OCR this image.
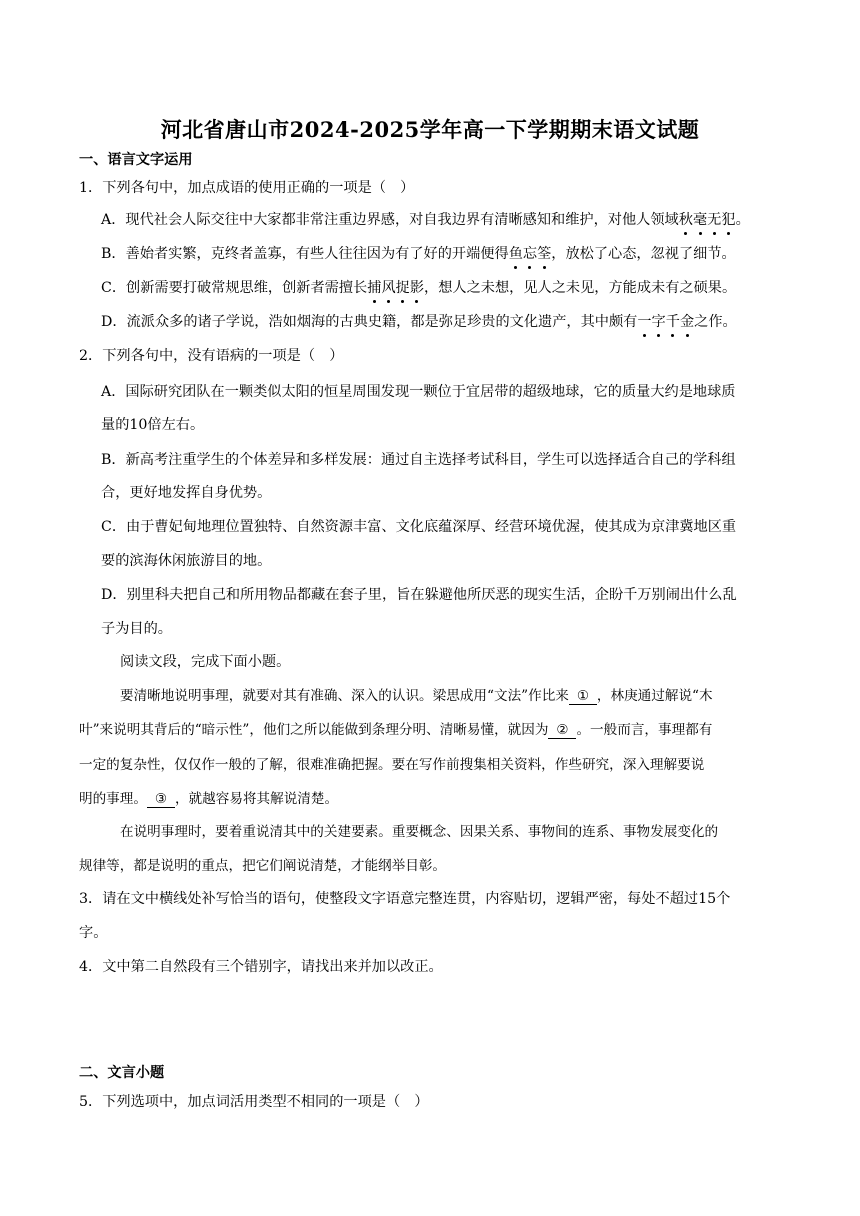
河北省唐山市2024-2025学年高一下学期期末语文试题
一、语言文字运用
1．下列各句中，加点成语的使用正确的一项是（　）
A．现代社会人际交往中大家都非常注重边界感，对自我边界有清晰感知和维护，对他人领域秋毫无犯。
B．善始者实繁，克终者盖寡，有些人往往因为有了好的开端便得鱼忘筌，放松了心态，忽视了细节。
C．创新需要打破常规思维，创新者需擅长捕风捉影，想人之未想，见人之未见，方能成未有之硕果。
D．流派众多的诸子学说，浩如烟海的古典史籍，都是弥足珍贵的文化遗产，其中颇有一字千金之作。
2．下列各句中，没有语病的一项是（　）
A．国际研究团队在一颗类似太阳的恒星周围发现一颗位于宜居带的超级地球，它的质量大约是地球质
量的10倍左右。
B．新高考注重学生的个体差异和多样发展：通过自主选择考试科目，学生可以选择适合自己的学科组
合，更好地发挥自身优势。
C．由于曹妃甸地理位置独特、自然资源丰富、文化底蕴深厚、经营环境优渥，使其成为京津冀地区重
要的滨海休闲旅游目的地。
D．别里科夫把自己和所用物品都藏在套子里，旨在躲避他所厌恶的现实生活，企盼千万别闹出什么乱
子为目的。
阅读文段，完成下面小题。
要清晰地说明事理，就要对其有准确、深入的认识。梁思成用“文法”作比来 ① ，林庚通过解说“木
叶”来说明其背后的“暗示性”，他们之所以能做到条理分明、清晰易懂，就因为 ② 。一般而言，事理都有
一定的复杂性，仅仅作一般的了解，很难准确把握。要在写作前搜集相关资料，作些研究，深入理解要说
明的事理。 ③ ，就越容易将其解说清楚。
在说明事理时，要着重说清其中的关建要素。重要概念、因果关系、事物间的连系、事物发展变化的
规律等，都是说明的重点，把它们阐说清楚，才能纲举目彰。
3．请在文中横线处补写恰当的语句，使整段文字语意完整连贯，内容贴切，逻辑严密，每处不超过15个
字。
4．文中第二自然段有三个错别字，请找出来并加以改正。
二、文言小题
5．下列选项中，加点词活用类型不相同的一项是（　）
